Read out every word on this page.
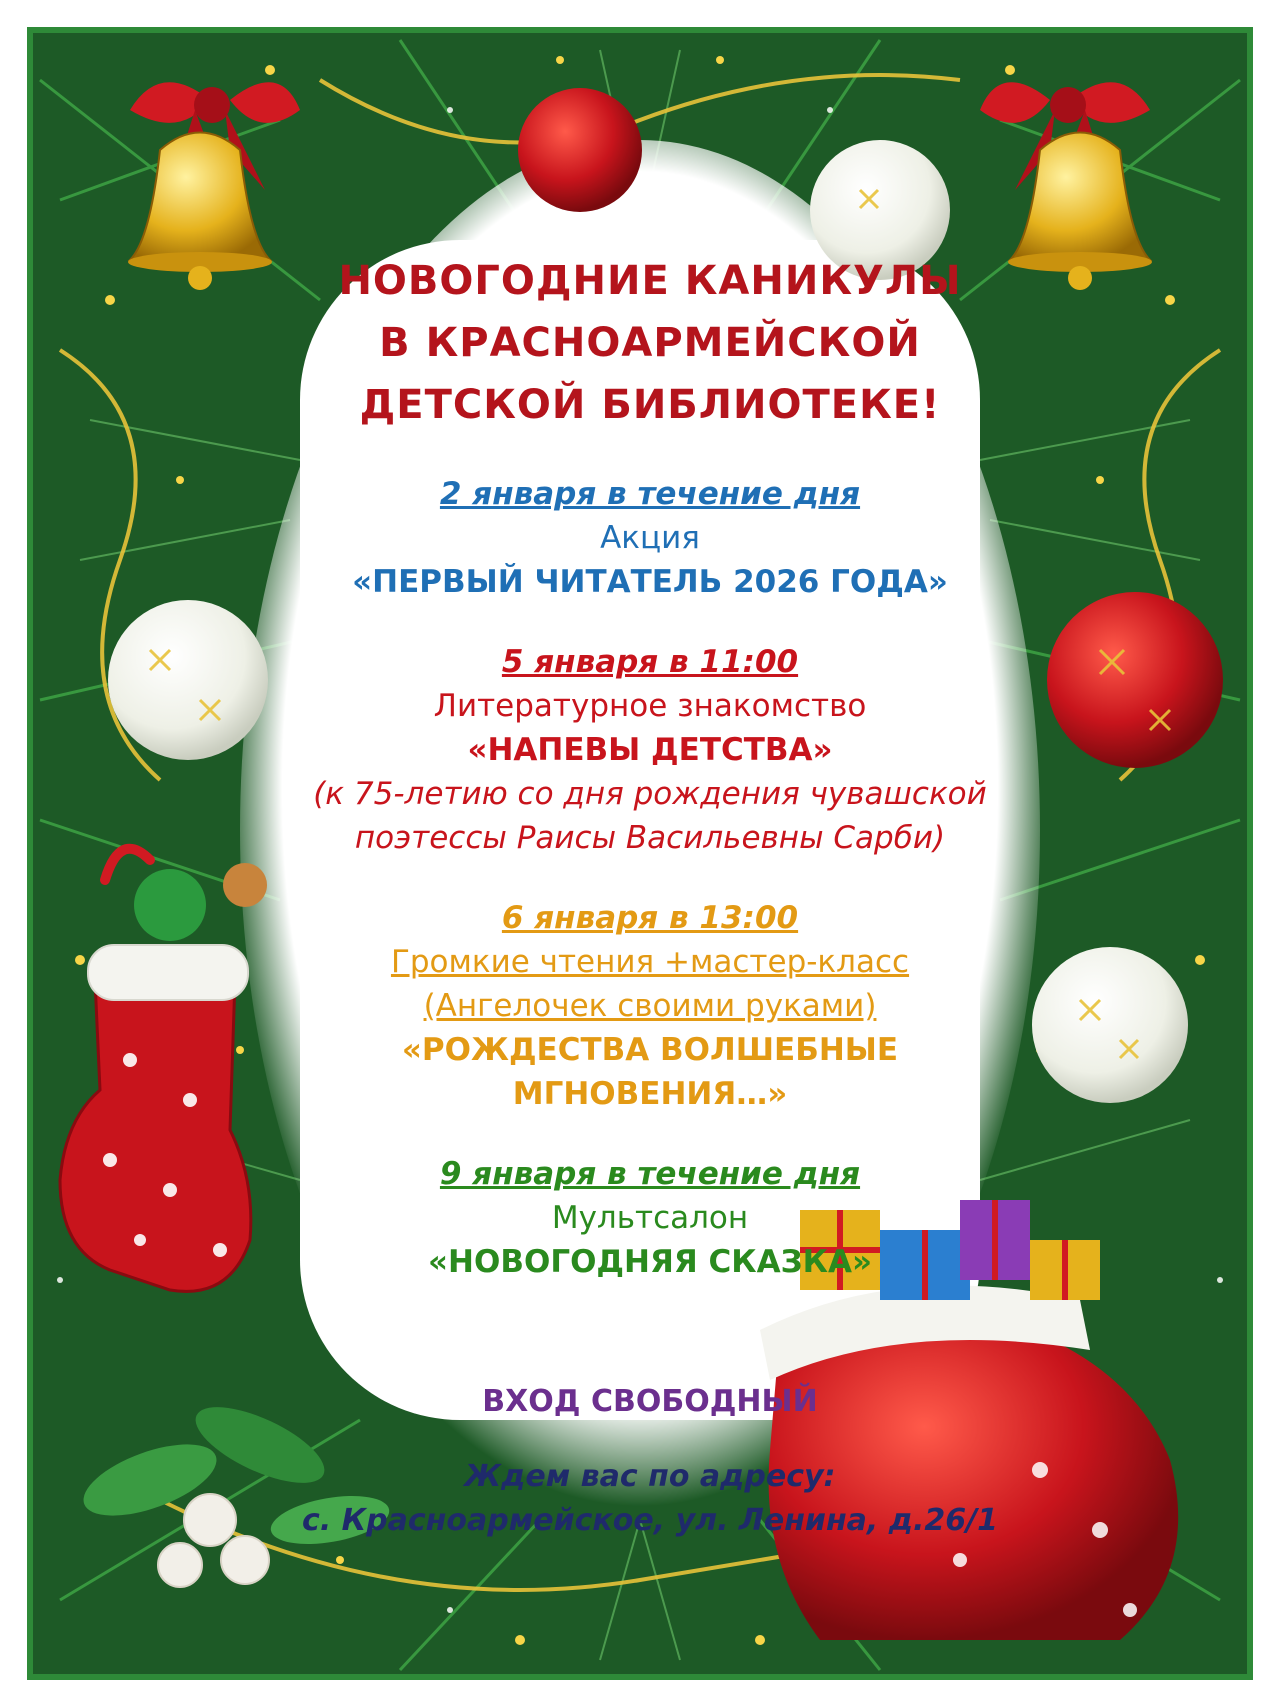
НОВОГОДНИЕ КАНИКУЛЫ

В КРАСНОАРМЕЙСКОЙ

ДЕТСКОЙ БИБЛИОТЕКЕ!

2 января в течение дня

Акция

«ПЕРВЫЙ ЧИТАТЕЛЬ 2026 ГОДА»

5 января в 11:00

Литературное знакомство

«НАПЕВЫ ДЕТСТВА»

(к 75-летию со дня рождения чувашской

поэтессы Раисы Васильевны Сарби)

6 января в 13:00

Громкие чтения +мастер-класс

(Ангелочек своими руками)

«РОЖДЕСТВА ВОЛШЕБНЫЕ

МГНОВЕНИЯ…»

9 января в течение дня

Мультсалон

«НОВОГОДНЯЯ СКАЗКА»

ВХОД СВОБОДНЫЙ

Ждем вас по адресу:

с. Красноармейское, ул. Ленина, д.26/1
